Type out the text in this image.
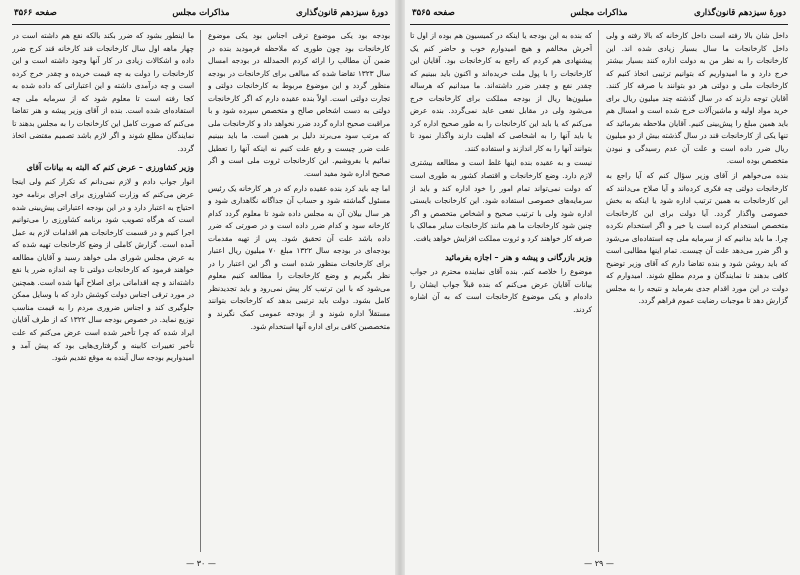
دورهٔ سیزدهم قانون‌گذاری
مذاکرات مجلس
صفحه ۳۵۶۶

بودجه بود یکی موضوع ترقی اجناس بود یکی موضوع کارخانجات بود چون طوری که ملاحظه فرمودید بنده در ضمن آن مطالب را ارائه کردم الحمدلله در بودجه امسال سال ۱۳۲۳ تقاضا شده که مبالغی برای کارخانجات در بودجه منظور گردد و این موضوع مربوط به کارخانجات دولتی و تجارت دولتی است. اولاً بنده عقیده دارم که اگر کارخانجات دولتی به دست اشخاص صالح و متخصص سپرده شود و با مراقبت صحیح اداره گردد ضرر نخواهد داد و کارخانجات ملی که مرتب سود می‌برند دلیل بر همین است. ما باید ببینیم علت ضرر چیست و رفع علت کنیم نه اینکه آنها را تعطیل نمائیم یا بفروشیم. این کارخانجات ثروت ملی است و اگر صحیح اداره شود مفید است.

اما چه باید کرد بنده عقیده دارم که در هر کارخانه یک رئیس مسئول گماشته شود و حساب آن جداگانه نگاهداری شود و هر سال بیلان آن به مجلس داده شود تا معلوم گردد کدام کارخانه سود و کدام ضرر داده است و در صورتی که ضرر داده باشد علت آن تحقیق شود. پس از تهیه مقدمات بودجه‌ای در بودجه سال ۱۳۲۲ مبلغ ۷۰ میلیون ریال اعتبار برای کارخانجات منظور شده است و اگر این اعتبار را در نظر بگیریم و وضع کارخانجات را مطالعه کنیم معلوم می‌شود که با این ترتیب کار پیش نمی‌رود و باید تجدیدنظر کامل بشود. دولت باید ترتیبی بدهد که کارخانجات بتوانند مستقلاً اداره شوند و از بودجه عمومی کمک نگیرند و متخصصین کافی برای اداره آنها استخدام شود.

ما اینطور بشود که ضرر بکند بالکه نفع هم داشته است در چهار ماهه اول سال کارخانجات قند کارخانه قند کرج ضرر داده و اشکالات زیادی در کار آنها وجود داشته است و این کارخانجات را دولت به چه قیمت خریده و چقدر خرج کرده است و چه درآمدی داشته و این اعتباراتی که داده شده به کجا رفته است تا معلوم شود که از سرمایه ملی چه استفاده‌ای شده است. بنده از آقای وزیر پیشه و هنر تقاضا می‌کنم که صورت کامل این کارخانجات را به مجلس بدهند تا نمایندگان مطلع شوند و اگر لازم باشد تصمیم مقتضی اتخاذ گردد.

وزیر کشاورزی – عرض کنم که البته به بیانات آقای

انوار جواب دادم و لازم نمی‌دانم که تکرار کنم ولی اینجا عرض می‌کنم که وزارت کشاورزی برای اجرای برنامه خود احتیاج به اعتبار دارد و در این بودجه اعتباراتی پیش‌بینی شده است که هرگاه تصویب شود برنامه کشاورزی را می‌توانیم اجرا کنیم و در قسمت کارخانجات هم اقدامات لازم به عمل آمده است. گزارش کاملی از وضع کارخانجات تهیه شده که به عرض مجلس شورای ملی خواهد رسید و آقایان مطالعه خواهند فرمود که کارخانجات دولتی تا چه اندازه ضرر یا نفع داشته‌اند و چه اقداماتی برای اصلاح آنها شده است. همچنین در مورد ترقی اجناس دولت کوشش دارد که با وسایل ممکن جلوگیری کند و اجناس ضروری مردم را به قیمت مناسب توزیع نماید. در خصوص بودجه سال ۱۳۲۲ که از طرف آقایان ایراد شده که چرا تأخیر شده است عرض می‌کنم که علت تأخیر تغییرات کابینه و گرفتاری‌هایی بود که پیش آمد و امیدواریم بودجه سال آینده به موقع تقدیم شود.

— ۳۰ —
دورهٔ سیزدهم قانون‌گذاری
مذاکرات مجلس
صفحه ۳۵۶۵

داخل شان بالا رفته است داخل کارخانه که بالا رفته و ولی داخل کارخانجات ما سال بسیار زیادی شده اند. این کارخانجات را به نظر من به دولت اداره کنند بسیار بیشتر خرج دارد و ما امیدواریم که بتوانیم ترتیبی اتخاذ کنیم که کارخانجات ملی و دولتی هر دو بتوانند با صرفه کار کنند. آقایان توجه دارند که در سال گذشته چند میلیون ریال برای خرید مواد اولیه و ماشین‌آلات خرج شده است و امسال هم باید همین مبلغ را پیش‌بینی کنیم. آقایان ملاحظه بفرمائید که تنها یکی از کارخانجات قند در سال گذشته بیش از دو میلیون ریال ضرر داده است و علت آن عدم رسیدگی و نبودن متخصص بوده است.

بنده می‌خواهم از آقای وزیر سؤال کنم که آیا راجع به کارخانجات دولتی چه فکری کرده‌اند و آیا صلاح می‌دانند که این کارخانجات به همین ترتیب اداره شود یا اینکه به بخش خصوصی واگذار گردد. آیا دولت برای این کارخانجات متخصص استخدام کرده است یا خیر و اگر استخدام نکرده چرا. ما باید بدانیم که از سرمایه ملی چه استفاده‌ای می‌شود و اگر ضرر می‌دهد علت آن چیست. تمام اینها مطالبی است که باید روشن شود و بنده تقاضا دارم که آقای وزیر توضیح کافی بدهند تا نمایندگان و مردم مطلع شوند. امیدوارم که دولت در این مورد اقدام جدی بفرماید و نتیجه را به مجلس گزارش دهد تا موجبات رضایت عموم فراهم گردد.

که بنده به این بودجه یا اینکه در کمیسیون هم بوده از اول تا آخرش مخالفم و هیچ امیدوارم خوب و حاضر کنم یک پیشنهادی هم کردم که راجع به کارخانجات بود. آقایان این کارخانجات را با پول ملت خریده‌اند و اکنون باید ببینیم که چقدر نفع و چقدر ضرر داشته‌اند. ما میدانیم که هرساله میلیون‌ها ریال از بودجه مملکت برای کارخانجات خرج می‌شود ولی در مقابل نفعی عاید نمی‌گردد. بنده عرض می‌کنم که یا باید این کارخانجات را به طور صحیح اداره کرد یا باید آنها را به اشخاصی که اهلیت دارند واگذار نمود تا بتوانند آنها را به کار اندازند و استفاده کنند.

نیست و به عقیده بنده اینها غلط است و مطالعه بیشتری لازم دارد. وضع کارخانجات و اقتصاد کشور به طوری است که دولت نمی‌تواند تمام امور را خود اداره کند و باید از سرمایه‌های خصوصی استفاده شود. این کارخانجات بایستی اداره شود ولی با ترتیب صحیح و اشخاص متخصص و اگر چنین شود کارخانجات ما هم مانند کارخانجات سایر ممالک با صرفه کار خواهند کرد و ثروت مملکت افزایش خواهد یافت.

وزیر بازرگانی و پیشه و هنر – اجازه بفرمائید

موضوع را خلاصه کنم. بنده آقای نماینده محترم در جواب بیانات آقایان عرض می‌کنم که بنده قبلاً جواب ایشان را داده‌ام و یکی موضوع کارخانجات است که به آن اشاره کردند.

— ۲۹ —
